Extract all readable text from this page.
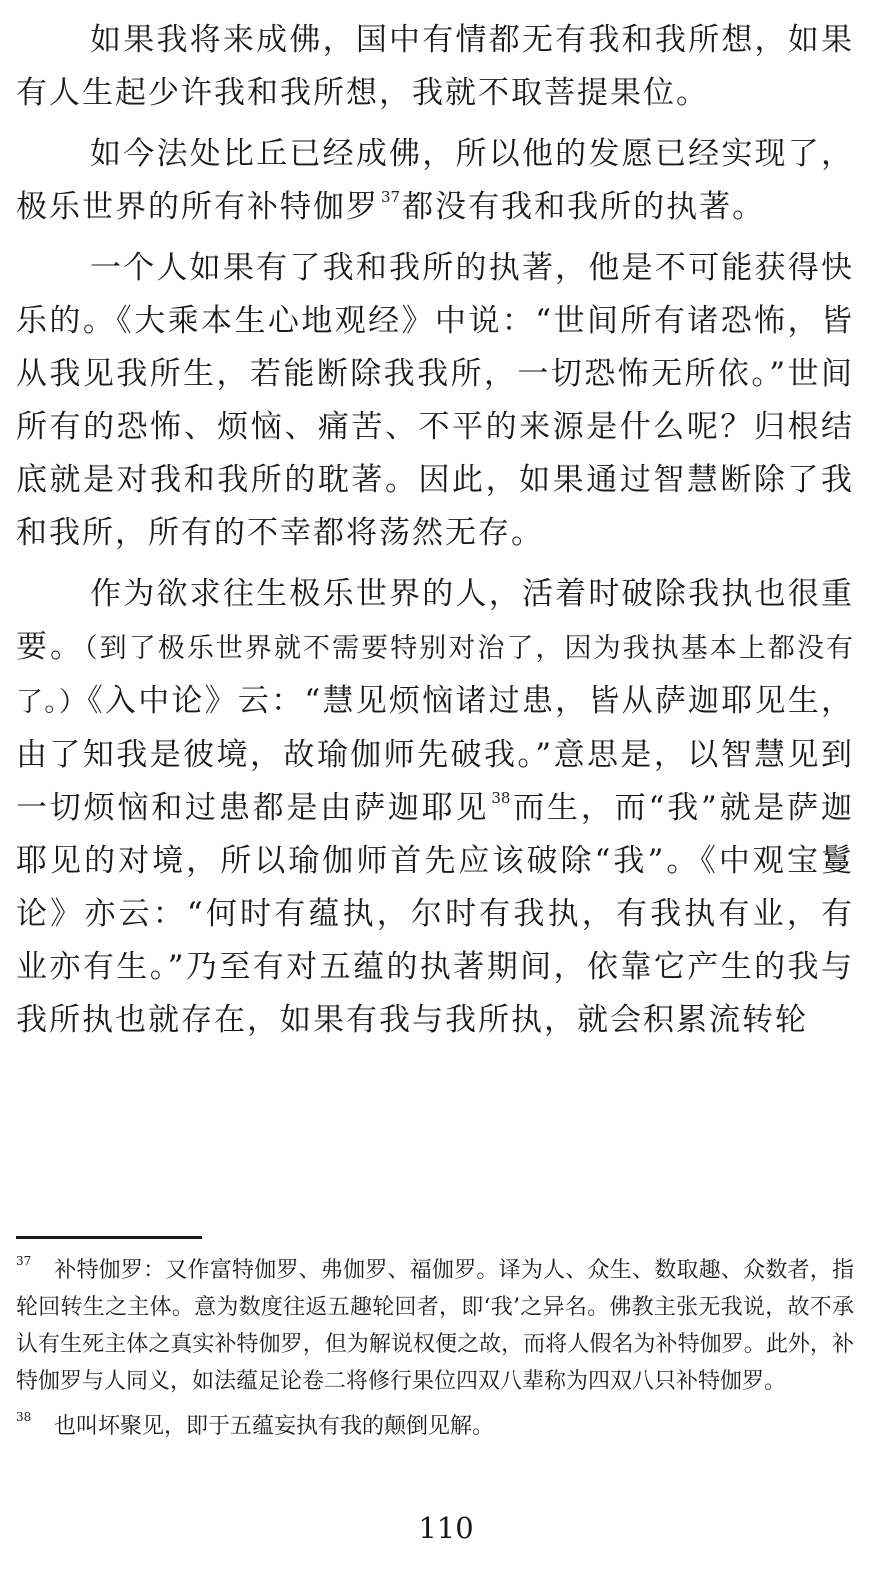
如果我将来成佛，国中有情都无有我和我所想，如果有人生起少许我和我所想，我就不取菩提果位。

如今法处比丘已经成佛，所以他的发愿已经实现了，极乐世界的所有补特伽罗 $^{37}$都没有我和我所的执著。

一个人如果有了我和我所的执著，他是不可能获得快乐的。《大乘本生心地观经》中说：“世间所有诸恐怖，皆从我见我所生，若能断除我我所，一切恐怖无所依。”世间所有的恐怖、烦恼、痛苦、不平的来源是什么呢？归根结底就是对我和我所的耽著。因此，如果通过智慧断除了我和我所，所有的不幸都将荡然无存。

作为欲求往生极乐世界的人，活着时破除我执也很重要。（到了极乐世界就不需要特别对治了，因为我执基本上都没有了。）《入中论》云：“慧见烦恼诸过患，皆从萨迦耶见生，由了知我是彼境，故瑜伽师先破我。”意思是，以智慧见到一切烦恼和过患都是由萨迦耶见 $^{38}$而生，而“我”就是萨迦耶见的对境，所以瑜伽师首先应该破除“我”。《中观宝鬘论》亦云：“何时有蕴执，尔时有我执，有我执有业，有业亦有生。”乃至有对五蕴的执著期间，依靠它产生的我与我所执也就存在，如果有我与我所执，就会积累流转轮

37 补特伽罗：又作富特伽罗、弗伽罗、福伽罗。译为人、众生、数取趣、众数者，指轮回转生之主体。意为数度往返五趣轮回者，即‘我’之异名。佛教主张无我说，故不承认有生死主体之真实补特伽罗，但为解说权便之故，而将人假名为补特伽罗。此外，补特伽罗与人同义，如法蕴足论卷二将修行果位四双八辈称为四双八只补特伽罗。
38 也叫坏聚见，即于五蕴妄执有我的颠倒见解。
110
